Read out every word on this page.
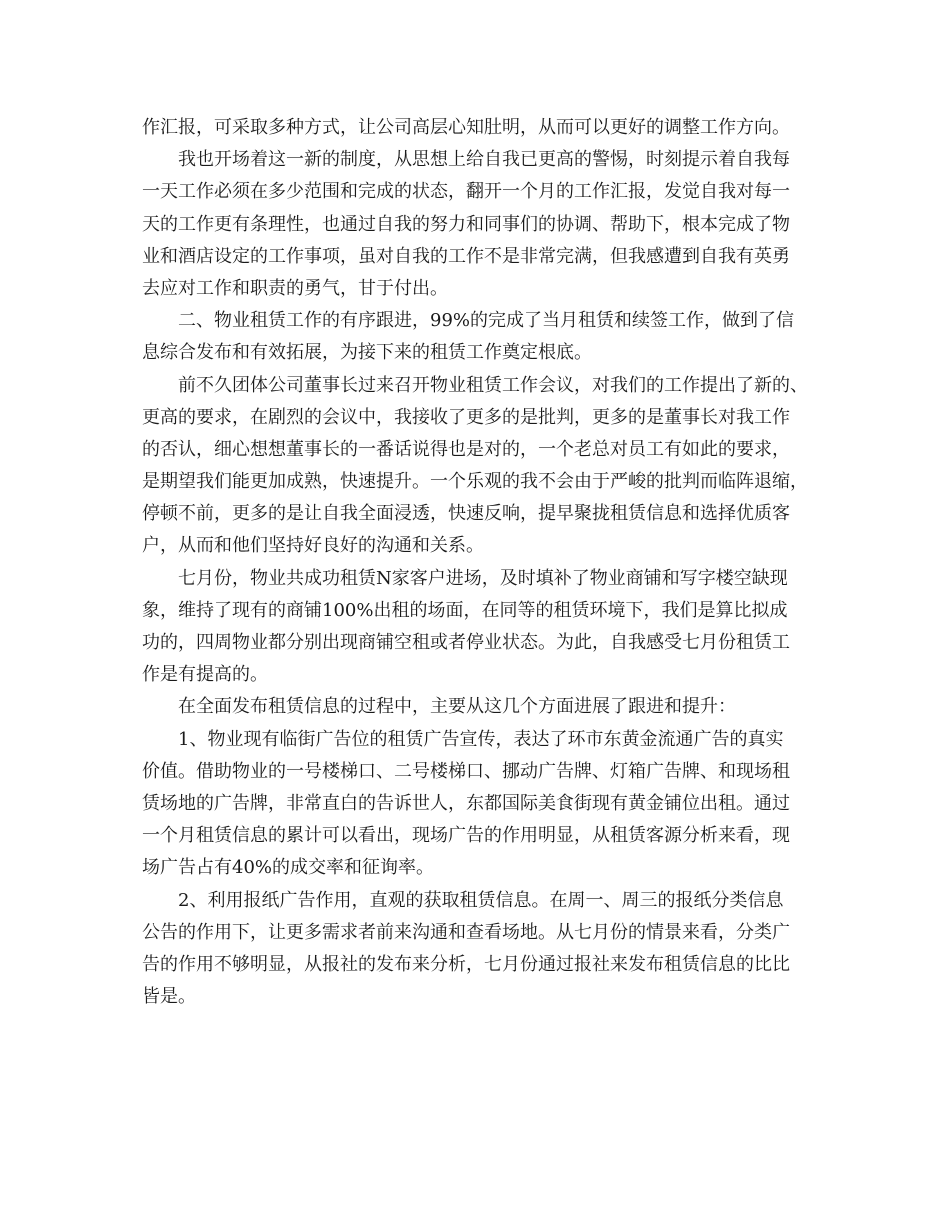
作汇报，可采取多种方式，让公司高层心知肚明，从而可以更好的调整工作方向。
我也开场着这一新的制度，从思想上给自我已更高的警惕，时刻提示着自我每
一天工作必须在多少范围和完成的状态，翻开一个月的工作汇报，发觉自我对每一
天的工作更有条理性，也通过自我的努力和同事们的协调、帮助下，根本完成了物
业和酒店设定的工作事项，虽对自我的工作不是非常完满，但我感遭到自我有英勇
去应对工作和职责的勇气，甘于付出。
二、物业租赁工作的有序跟进，99%的完成了当月租赁和续签工作，做到了信
息综合发布和有效拓展，为接下来的租赁工作奠定根底。
前不久团体公司董事长过来召开物业租赁工作会议，对我们的工作提出了新的、
更高的要求，在剧烈的会议中，我接收了更多的是批判，更多的是董事长对我工作
的否认，细心想想董事长的一番话说得也是对的，一个老总对员工有如此的要求，
是期望我们能更加成熟，快速提升。一个乐观的我不会由于严峻的批判而临阵退缩，
停顿不前，更多的是让自我全面浸透，快速反响，提早聚拢租赁信息和选择优质客
户，从而和他们坚持好良好的沟通和关系。
七月份，物业共成功租赁N家客户进场，及时填补了物业商铺和写字楼空缺现
象，维持了现有的商铺100%出租的场面，在同等的租赁环境下，我们是算比拟成
功的，四周物业都分别出现商铺空租或者停业状态。为此，自我感受七月份租赁工
作是有提高的。
在全面发布租赁信息的过程中，主要从这几个方面进展了跟进和提升：
1、物业现有临街广告位的租赁广告宣传，表达了环市东黄金流通广告的真实
价值。借助物业的一号楼梯口、二号楼梯口、挪动广告牌、灯箱广告牌、和现场租
赁场地的广告牌，非常直白的告诉世人，东都国际美食街现有黄金铺位出租。通过
一个月租赁信息的累计可以看出，现场广告的作用明显，从租赁客源分析来看，现
场广告占有40%的成交率和征询率。
2、利用报纸广告作用，直观的获取租赁信息。在周一、周三的报纸分类信息
公告的作用下，让更多需求者前来沟通和查看场地。从七月份的情景来看，分类广
告的作用不够明显，从报社的发布来分析，七月份通过报社来发布租赁信息的比比
皆是。
